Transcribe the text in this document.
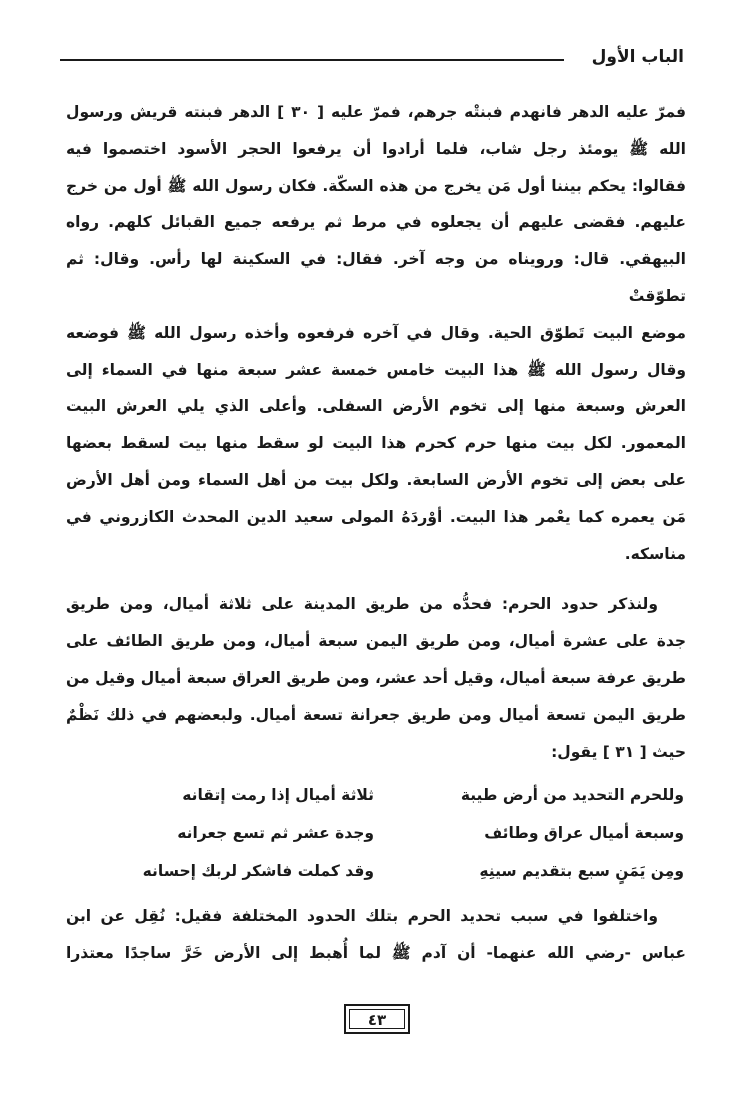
الباب الأول

فمرّ عليه الدهر فانهدم فبنتْه جرهم، فمرّ عليه [ ٣٠ ] الدهر فبنته قريش ورسول

الله ﷺ يومئذ رجل شاب، فلما أرادوا أن يرفعوا الحجر الأسود اختصموا فيه

فقالوا: يحكم بيننا أول مَن يخرج من هذه السكّة. فكان رسول الله ﷺ أول من خرج

عليهم. فقضى عليهم أن يجعلوه في مرط ثم يرفعه جميع القبائل كلهم. رواه

البيهقي. قال: ورويناه من وجه آخر. فقال: في السكينة لها رأس. وقال: ثم تطوّقتْ

موضع البيت تَطوّق الحية. وقال في آخره فرفعوه وأخذه رسول الله ﷺ فوضعه

وقال رسول الله ﷺ هذا البيت خامس خمسة عشر سبعة منها في السماء إلى

العرش وسبعة منها إلى تخوم الأرض السفلى. وأعلى الذي يلي العرش البيت

المعمور. لكل بيت منها حرم كحرم هذا البيت لو سقط منها بيت لسقط بعضها

على بعض إلى تخوم الأرض السابعة. ولكل بيت من أهل السماء ومن أهل الأرض

مَن يعمره كما يعْمر هذا البيت. أوْردَهُ المولى سعيد الدين المحدث الكازروني في

مناسكه.

ولنذكر حدود الحرم: فحدُّه من طريق المدينة على ثلاثة أميال، ومن طريق

جدة على عشرة أميال، ومن طريق اليمن سبعة أميال، ومن طريق الطائف على

طريق عرفة سبعة أميال، وقيل أحد عشر، ومن طريق العراق سبعة أميال وقيل من

طريق اليمن تسعة أميال ومن طريق جعرانة تسعة أميال. ولبعضهم في ذلك نَظْمٌ

حيث [ ٣١ ] يقول:

وللحرم التحديد من أرض طيبة
ثلاثة أميال إذا رمت إتقانه
وسبعة أميال عراق وطائف
وجدة عشر ثم تسع جعرانه
ومِن يَمَنٍ سبع بتقديم سينِهِ
وقد كملت فاشكر لربك إحسانه

واختلفوا في سبب تحديد الحرم بتلك الحدود المختلفة فقيل: نُقِل عن ابن

عباس -رضي الله عنهما- أن آدم ﷺ لما أُهبط إلى الأرض خَرَّ ساجدًا معتذرا

٤٣
